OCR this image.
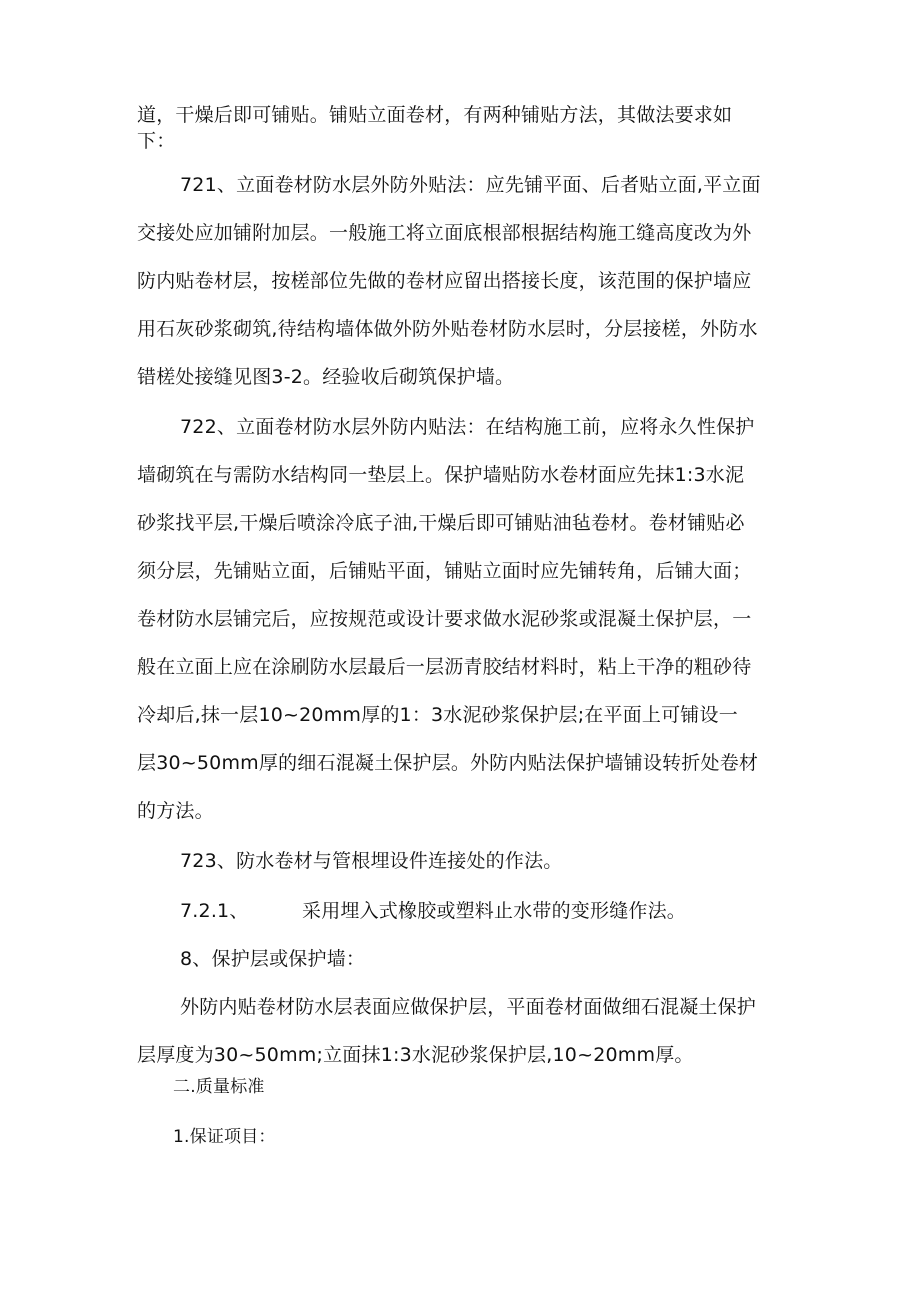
道，干燥后即可铺贴。铺贴立面卷材，有两种铺贴方法，其做法要求如
下：
721、立面卷材防水层外防外贴法：应先铺平面、后者贴立面,平立面
交接处应加铺附加层。一般施工将立面底根部根据结构施工缝高度改为外
防内贴卷材层，按槎部位先做的卷材应留出搭接长度，该范围的保护墙应
用石灰砂浆砌筑,待结构墙体做外防外贴卷材防水层时，分层接槎，外防水
错槎处接缝见图3-2。经验收后砌筑保护墙。
722、立面卷材防水层外防内贴法：在结构施工前，应将永久性保护
墙砌筑在与需防水结构同一垫层上。保护墙贴防水卷材面应先抹1:3水泥
砂浆找平层,干燥后喷涂冷底子油,干燥后即可铺贴油毡卷材。卷材铺贴必
须分层，先铺贴立面，后铺贴平面，铺贴立面时应先铺转角，后铺大面；
卷材防水层铺完后，应按规范或设计要求做水泥砂浆或混凝土保护层，一
般在立面上应在涂刷防水层最后一层沥青胶结材料时，粘上干净的粗砂待
冷却后,抹一层10~20mm厚的1：3水泥砂浆保护层;在平面上可铺设一
层30~50mm厚的细石混凝土保护层。外防内贴法保护墙铺设转折处卷材
的方法。
723、防水卷材与管根埋设件连接处的作法。
7.2.1、	采用埋入式橡胶或塑料止水带的变形缝作法。
8、保护层或保护墙：
外防内贴卷材防水层表面应做保护层，平面卷材面做细石混凝土保护
层厚度为30~50mm;立面抹1:3水泥砂浆保护层,10~20mm厚。
二.质量标准
1.保证项目：
